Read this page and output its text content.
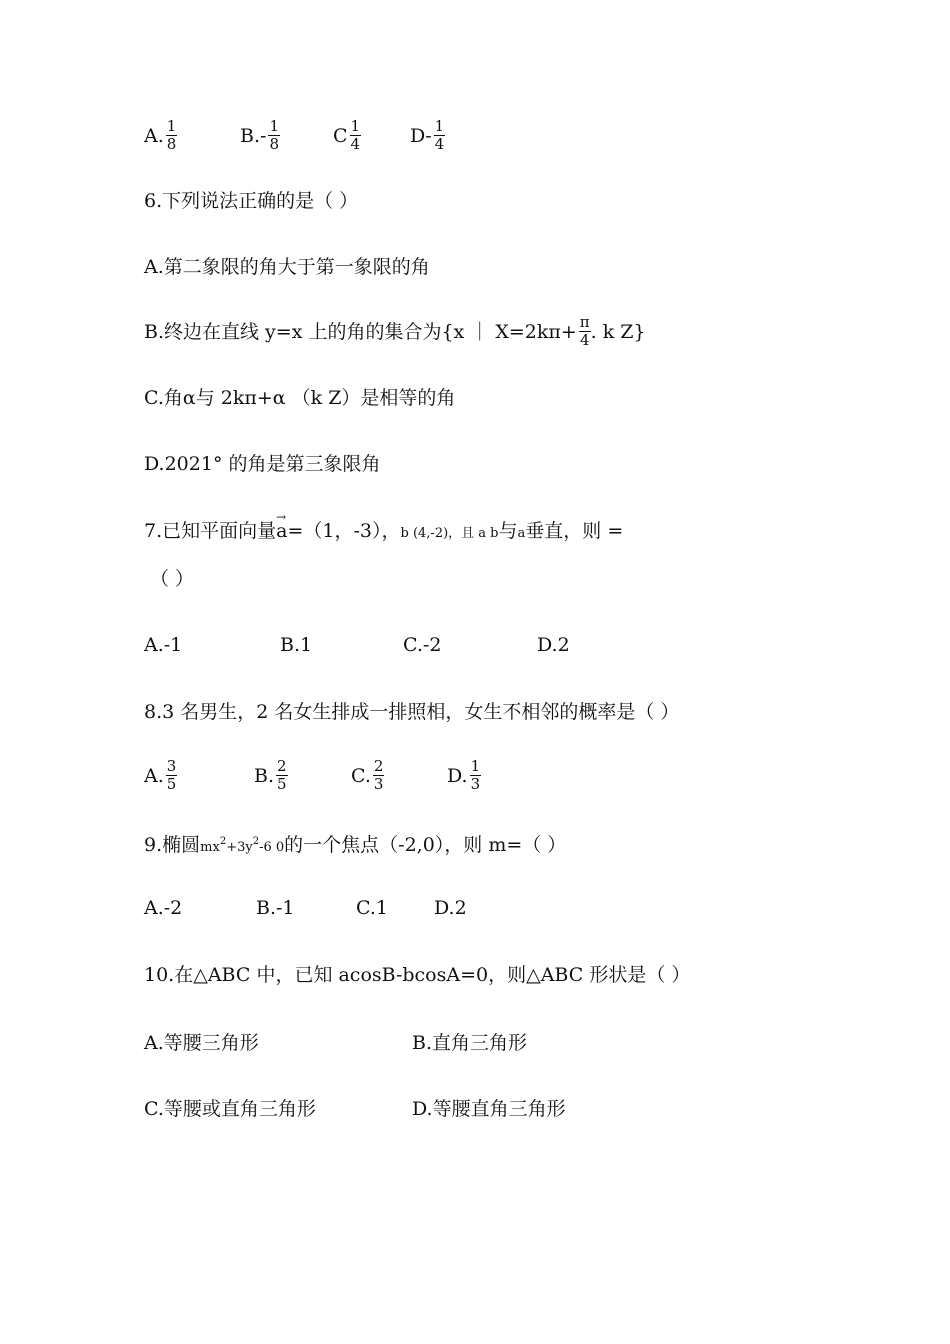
A. $\frac{1}{8}$	B. - $\frac{1}{8}$	C $\frac{1}{4}$	D - $\frac{1}{4}$
6.下列说法正确的是（ ）
A.第二象限的角大于第一象限的角
B.终边在直线 y=x 上的角的集合为{x ｜ $X=2k\pi+ \frac{\pi}{4}$ . k Z}
C.角α与 2kπ+α （k Z）是相等的角
D.2021° 的角是第三象限角
7.已知平面向量
→
a=（1，-3），b (4,-2)，且 a b与a垂直，则 =
（ ）
A.-1	B.1	C.-2	D.2
8.3 名男生，2 名女生排成一排照相，女生不相邻的概率是（ ）
A. $\frac{3}{5}$	B. $\frac{2}{5}$	C. $\frac{2}{3}$	D. $\frac{1}{3}$
9.椭圆$mx^2+3y^2-6$ 0的一个焦点（-2,0），则 m=（ ）
A.-2	B.-1	C.1 D.2
10.在△ABC 中，已知 acosB-bcosA=0，则△ABC 形状是（ ）
A.等腰三角形	B.直角三角形
C.等腰或直角三角形	D.等腰直角三角形
